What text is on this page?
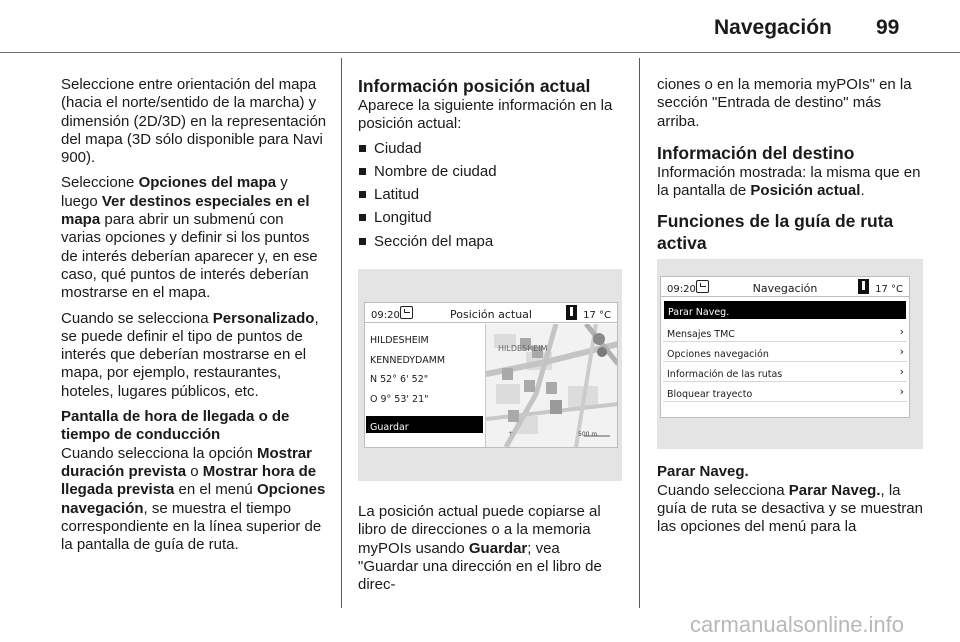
Navegación 99

Seleccione entre orientación del mapa (hacia el norte/sentido de la marcha) y dimensión (2D/3D) en la representación del mapa (3D sólo disponible para Navi 900).

Seleccione Opciones del mapa y luego Ver destinos especiales en el mapa para abrir un submenú con varias opciones y definir si los puntos de interés deberían aparecer y, en ese caso, qué puntos de interés deberían mostrarse en el mapa.

Cuando se selecciona Personalizado, se puede definir el tipo de puntos de interés que deberían mostrarse en el mapa, por ejemplo, restaurantes, hoteles, lugares públicos, etc.

Pantalla de hora de llegada o de tiempo de conducción

Cuando selecciona la opción Mostrar duración prevista o Mostrar hora de llegada prevista en el menú Opciones navegación, se muestra el tiempo correspondiente en la línea superior de la pantalla de guía de ruta.

Información posición actual

Aparece la siguiente información en la posición actual:

Ciudad
Nombre de ciudad
Latitud
Longitud
Sección del mapa
09:20	Posición actual	17 °C
HILDESHEIM
KENNEDYDAMM
N 52° 6' 52"
O 9° 53' 21"
+
HILDESHEIM
500 m
Guardar

La posición actual puede copiarse al libro de direcciones o a la memoria myPOIs usando Guardar; vea "Guardar una dirección en el libro de direc-

ciones o en la memoria myPOIs" en la sección "Entrada de destino" más arriba.

Información del destino

Información mostrada: la misma que en la pantalla de Posición actual.

Funciones de la guía de ruta activa
09:20	Navegación	17 °C
Parar Naveg.
Mensajes TMC	›
Opciones navegación	›
Información de las rutas	›
Bloquear trayecto	›

Parar Naveg.

Cuando selecciona Parar Naveg., la guía de ruta se desactiva y se muestran las opciones del menú para la

carmanualsonline.info
